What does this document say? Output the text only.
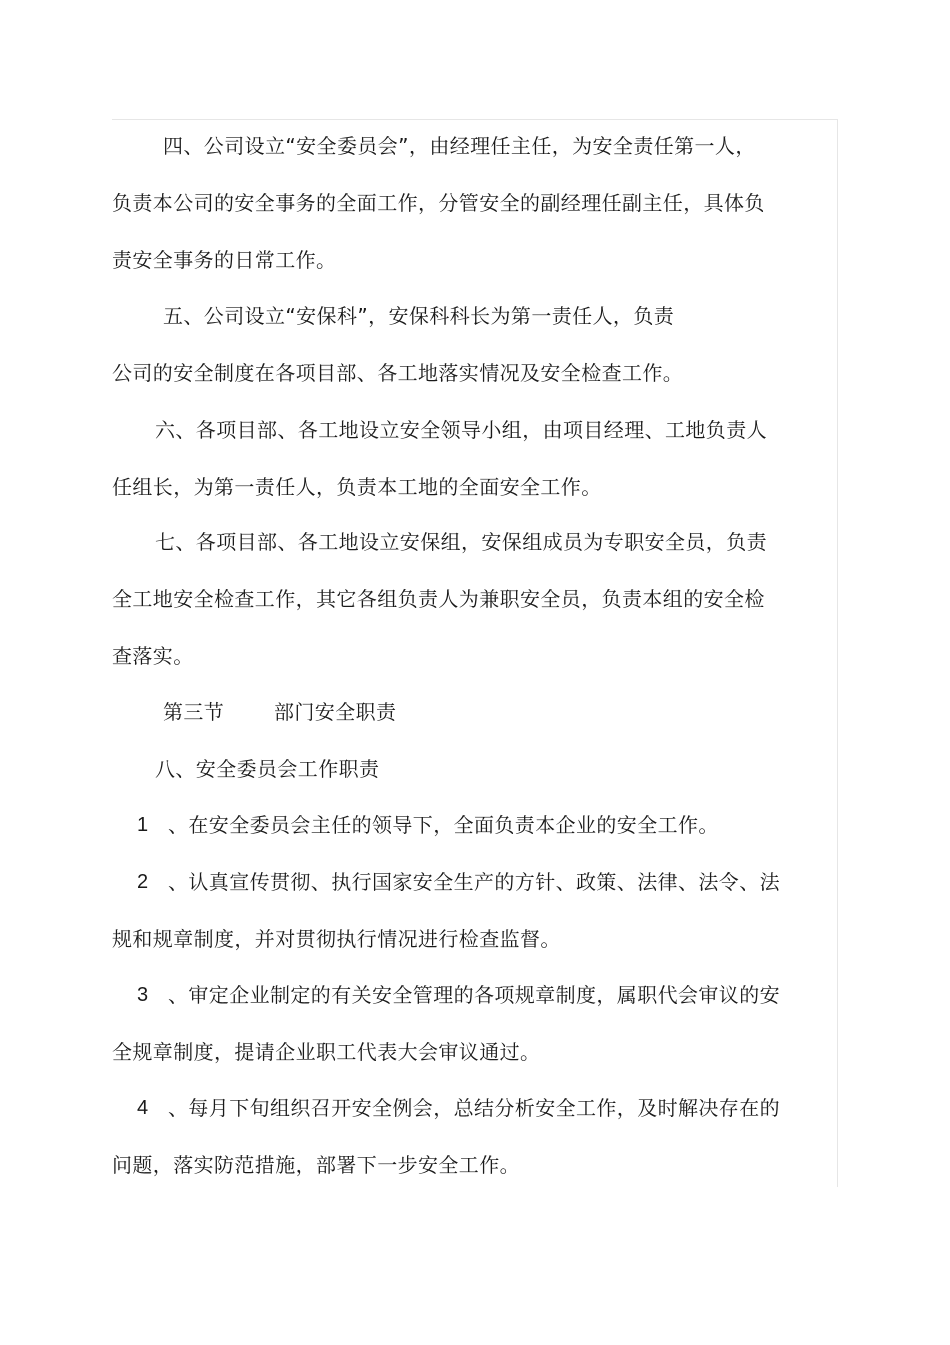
四、公司设立“安全委员会”，由经理任主任，为安全责任第一人，
负责本公司的安全事务的全面工作，分管安全的副经理任副主任，具体负
责安全事务的日常工作。
五、公司设立“安保科”，安保科科长为第一责任人，负责
公司的安全制度在各项目部、各工地落实情况及安全检查工作。
六、各项目部、各工地设立安全领导小组，由项目经理、工地负责人
任组长，为第一责任人，负责本工地的全面安全工作。
七、各项目部、各工地设立安保组，安保组成员为专职安全员，负责
全工地安全检查工作，其它各组负责人为兼职安全员，负责本组的安全检
查落实。
第三节 部门安全职责
八、安全委员会工作职责
1 、在安全委员会主任的领导下，全面负责本企业的安全工作。
2 、认真宣传贯彻、执行国家安全生产的方针、政策、法律、法令、法
规和规章制度，并对贯彻执行情况进行检查监督。
3 、审定企业制定的有关安全管理的各项规章制度，属职代会审议的安
全规章制度，提请企业职工代表大会审议通过。
4 、每月下旬组织召开安全例会，总结分析安全工作，及时解决存在的
问题，落实防范措施，部署下一步安全工作。
